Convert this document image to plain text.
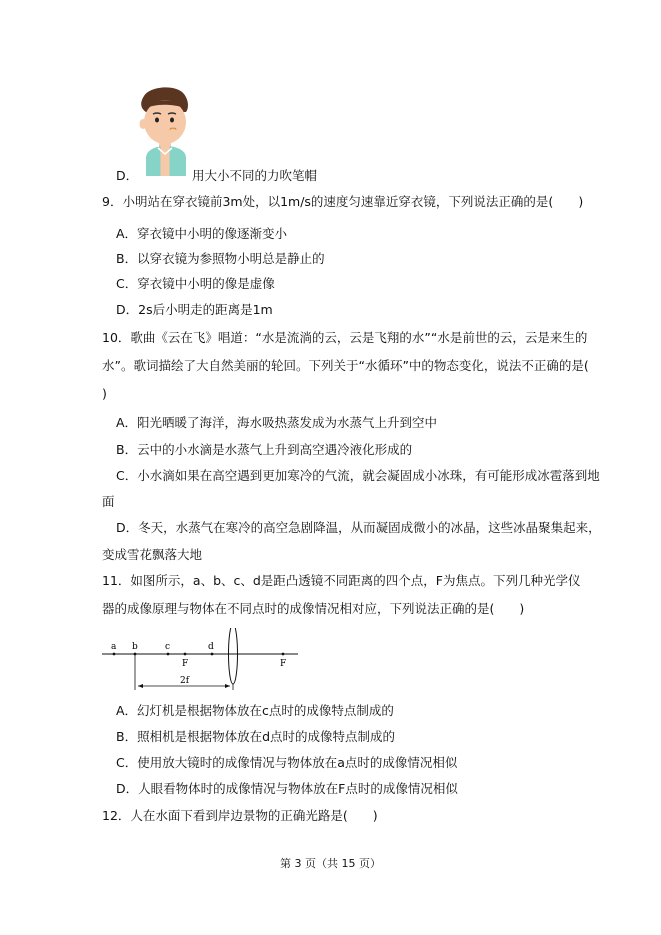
D．	用大小不同的力吹笔帽
9．小明站在穿衣镜前3m处，以1m/s的速度匀速靠近穿衣镜，下列说法正确的是(　　)
A．穿衣镜中小明的像逐渐变小
B．以穿衣镜为参照物小明总是静止的
C．穿衣镜中小明的像是虚像
D．2s后小明走的距离是1m
10．歌曲《云在飞》唱道：“水是流淌的云，云是飞翔的水”“水是前世的云，云是来生的
水”。歌词描绘了大自然美丽的轮回。下列关于“水循环”中的物态变化，说法不正确的是(
)
A．阳光晒暖了海洋，海水吸热蒸发成为水蒸气上升到空中
B．云中的小水滴是水蒸气上升到高空遇冷液化形成的
C．小水滴如果在高空遇到更加寒冷的气流，就会凝固成小冰珠，有可能形成冰雹落到地
面
D．冬天，水蒸气在寒冷的高空急剧降温，从而凝固成微小的冰晶，这些冰晶聚集起来，
变成雪花飘落大地
11．如图所示，a、b、c、d是距凸透镜不同距离的四个点，F为焦点。下列几种光学仪
器的成像原理与物体在不同点时的成像情况相对应，下列说法正确的是(　　)
a b	c	d
F	F
2f
A．幻灯机是根据物体放在c点时的成像特点制成的
B．照相机是根据物体放在d点时的成像特点制成的
C．使用放大镜时的成像情况与物体放在a点时的成像情况相似
D．人眼看物体时的成像情况与物体放在F点时的成像情况相似
12．人在水面下看到岸边景物的正确光路是(　　)
第 3 页（共 15 页）
